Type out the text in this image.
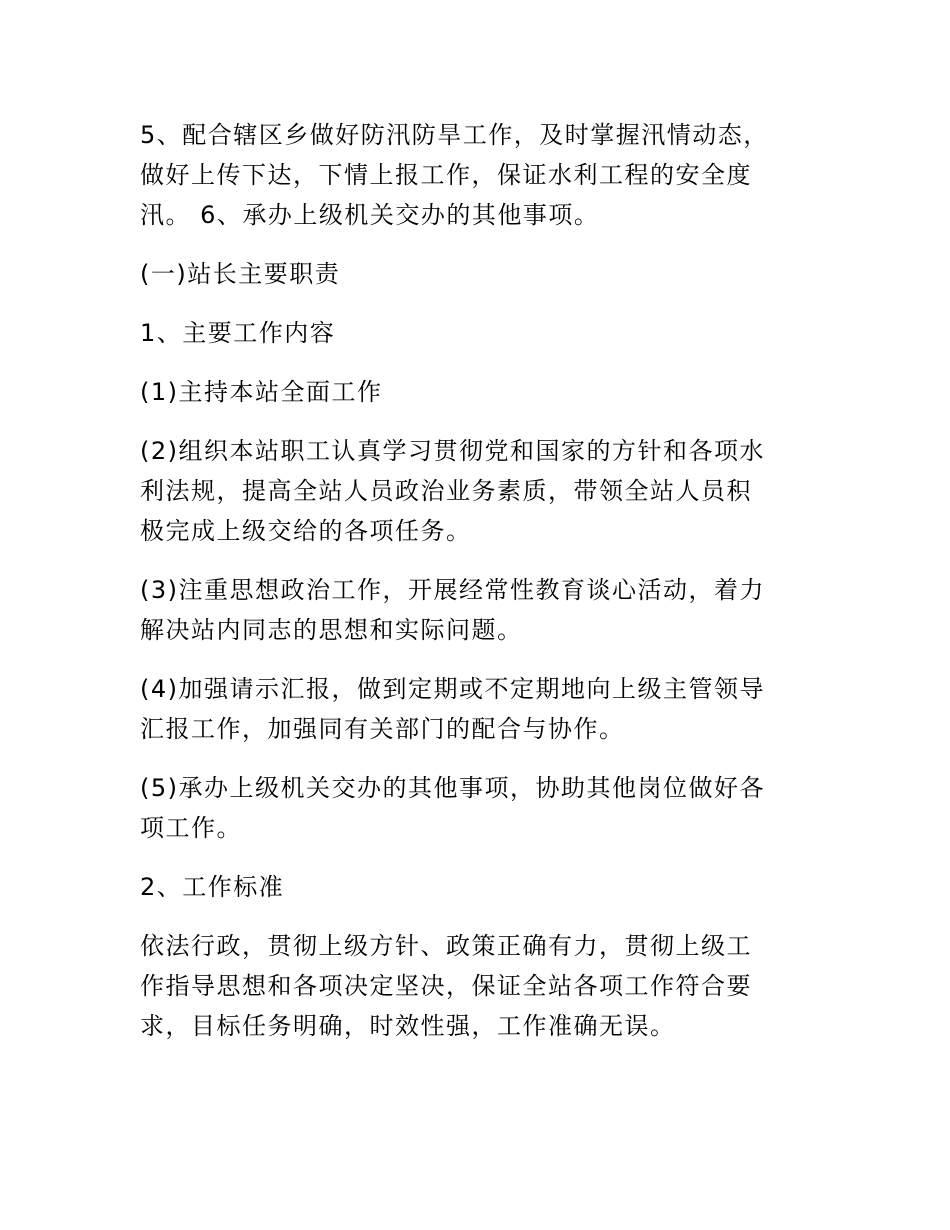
5、配合辖区乡做好防汛防旱工作，及时掌握汛情动态，
做好上传下达，下情上报工作，保证水利工程的安全度
汛。 6、承办上级机关交办的其他事项。
(一)站长主要职责
1、主要工作内容
(1)主持本站全面工作
(2)组织本站职工认真学习贯彻党和国家的方针和各项水
利法规，提高全站人员政治业务素质，带领全站人员积
极完成上级交给的各项任务。
(3)注重思想政治工作，开展经常性教育谈心活动，着力
解决站内同志的思想和实际问题。
(4)加强请示汇报，做到定期或不定期地向上级主管领导
汇报工作，加强同有关部门的配合与协作。
(5)承办上级机关交办的其他事项，协助其他岗位做好各
项工作。
2、工作标准
依法行政，贯彻上级方针、政策正确有力，贯彻上级工
作指导思想和各项决定坚决，保证全站各项工作符合要
求，目标任务明确，时效性强，工作准确无误。
